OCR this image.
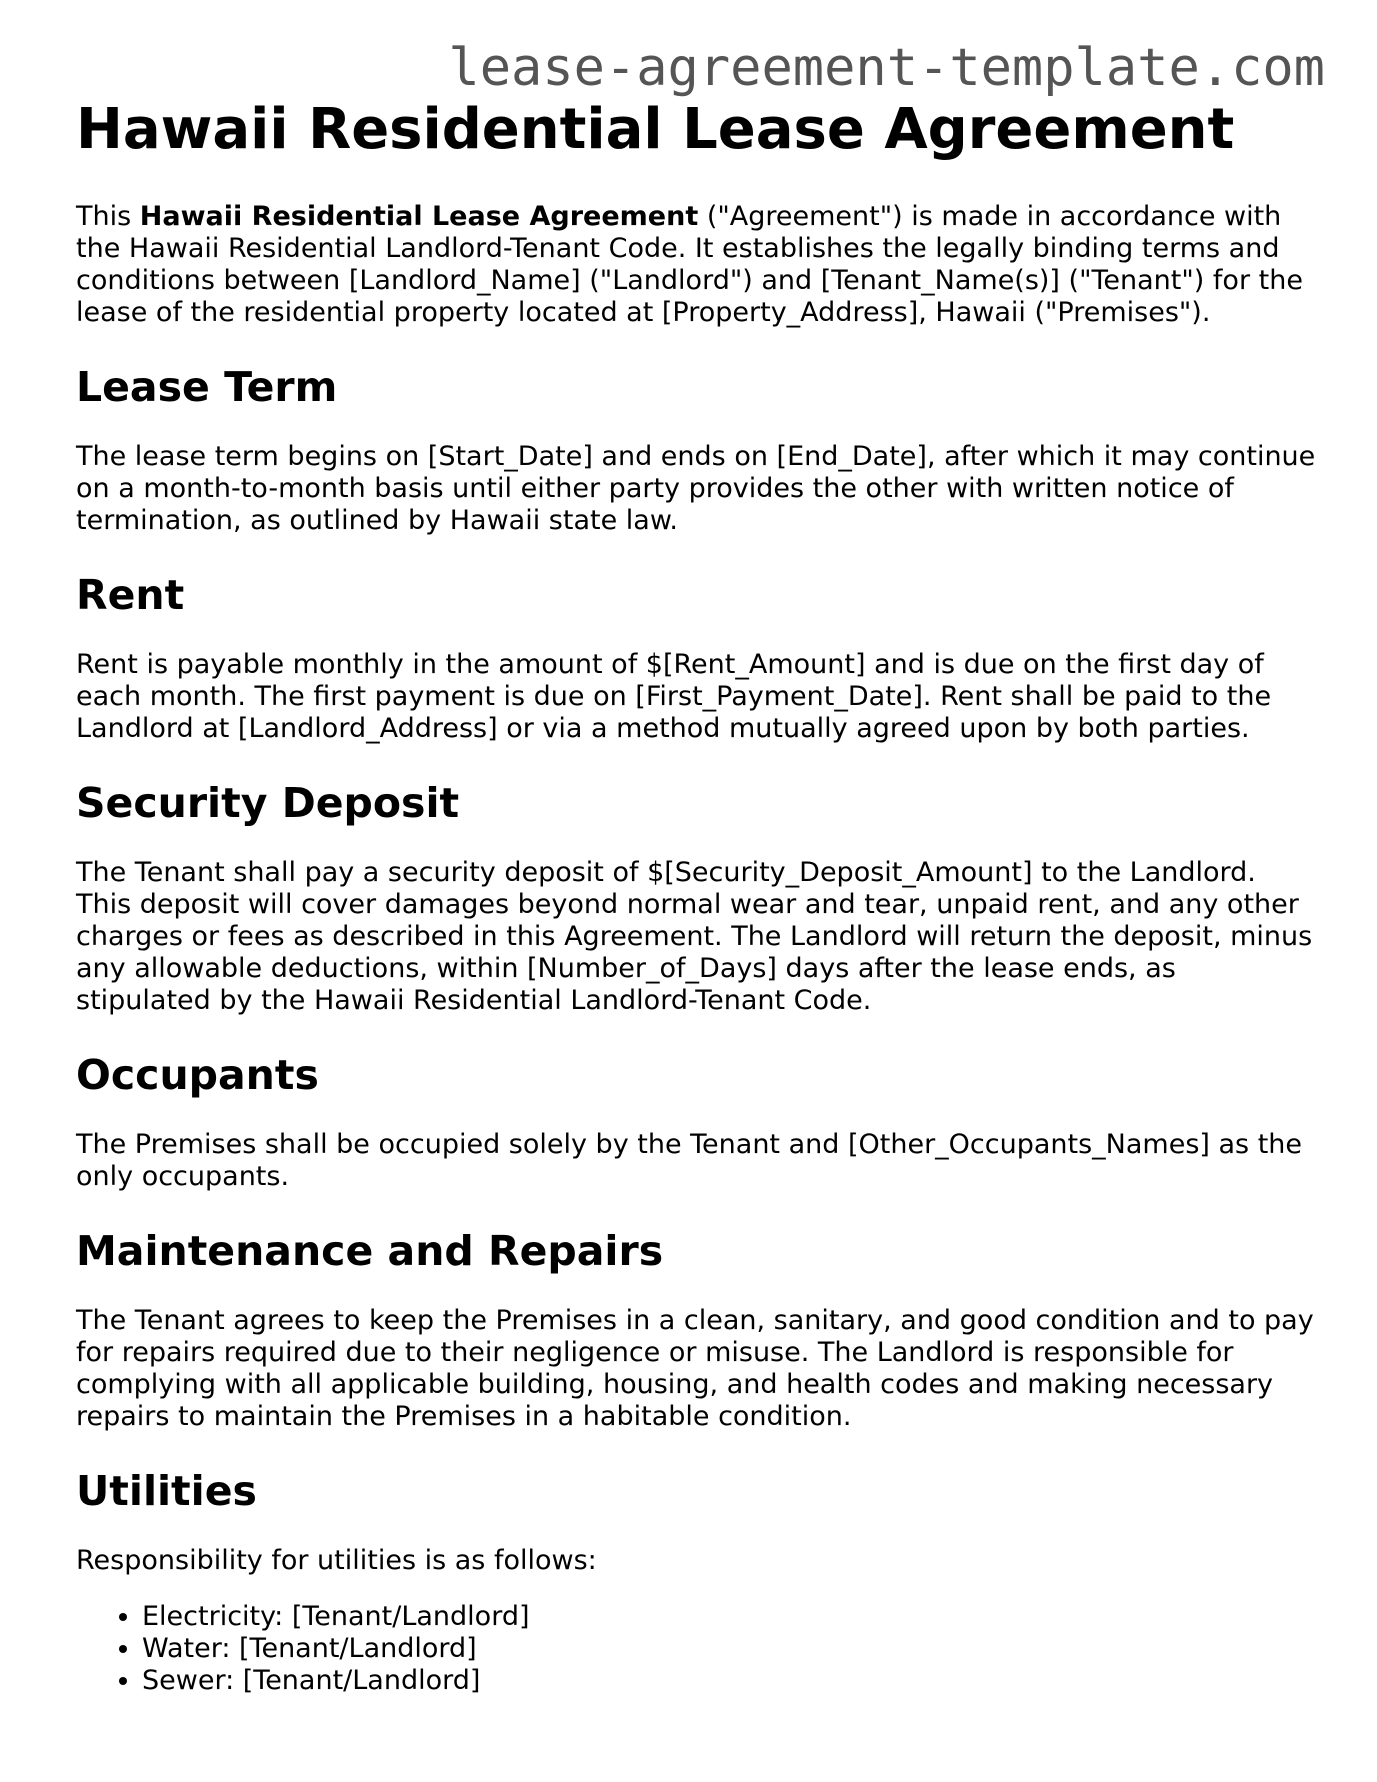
lease-agreement-template.com
Hawaii Residential Lease Agreement

This Hawaii Residential Lease Agreement ("Agreement") is made in accordance with the Hawaii Residential Landlord-Tenant Code. It establishes the legally binding terms and conditions between [Landlord_Name] ("Landlord") and [Tenant_Name(s)] ("Tenant") for the lease of the residential property located at [Property_Address], Hawaii ("Premises").

Lease Term

The lease term begins on [Start_Date] and ends on [End_Date], after which it may continue on a month-to-month basis until either party provides the other with written notice of termination, as outlined by Hawaii state law.

Rent

Rent is payable monthly in the amount of $[Rent_Amount] and is due on the first day of each month. The first payment is due on [First_Payment_Date]. Rent shall be paid to the Landlord at [Landlord_Address] or via a method mutually agreed upon by both parties.

Security Deposit

The Tenant shall pay a security deposit of $[Security_Deposit_Amount] to the Landlord. This deposit will cover damages beyond normal wear and tear, unpaid rent, and any other charges or fees as described in this Agreement. The Landlord will return the deposit, minus any allowable deductions, within [Number_of_Days] days after the lease ends, as stipulated by the Hawaii Residential Landlord-Tenant Code.

Occupants

The Premises shall be occupied solely by the Tenant and [Other_Occupants_Names] as the only occupants.

Maintenance and Repairs

The Tenant agrees to keep the Premises in a clean, sanitary, and good condition and to pay for repairs required due to their negligence or misuse. The Landlord is responsible for complying with all applicable building, housing, and health codes and making necessary repairs to maintain the Premises in a habitable condition.

Utilities

Responsibility for utilities is as follows:

• Electricity: [Tenant/Landlord]
• Water: [Tenant/Landlord]
• Sewer: [Tenant/Landlord]
